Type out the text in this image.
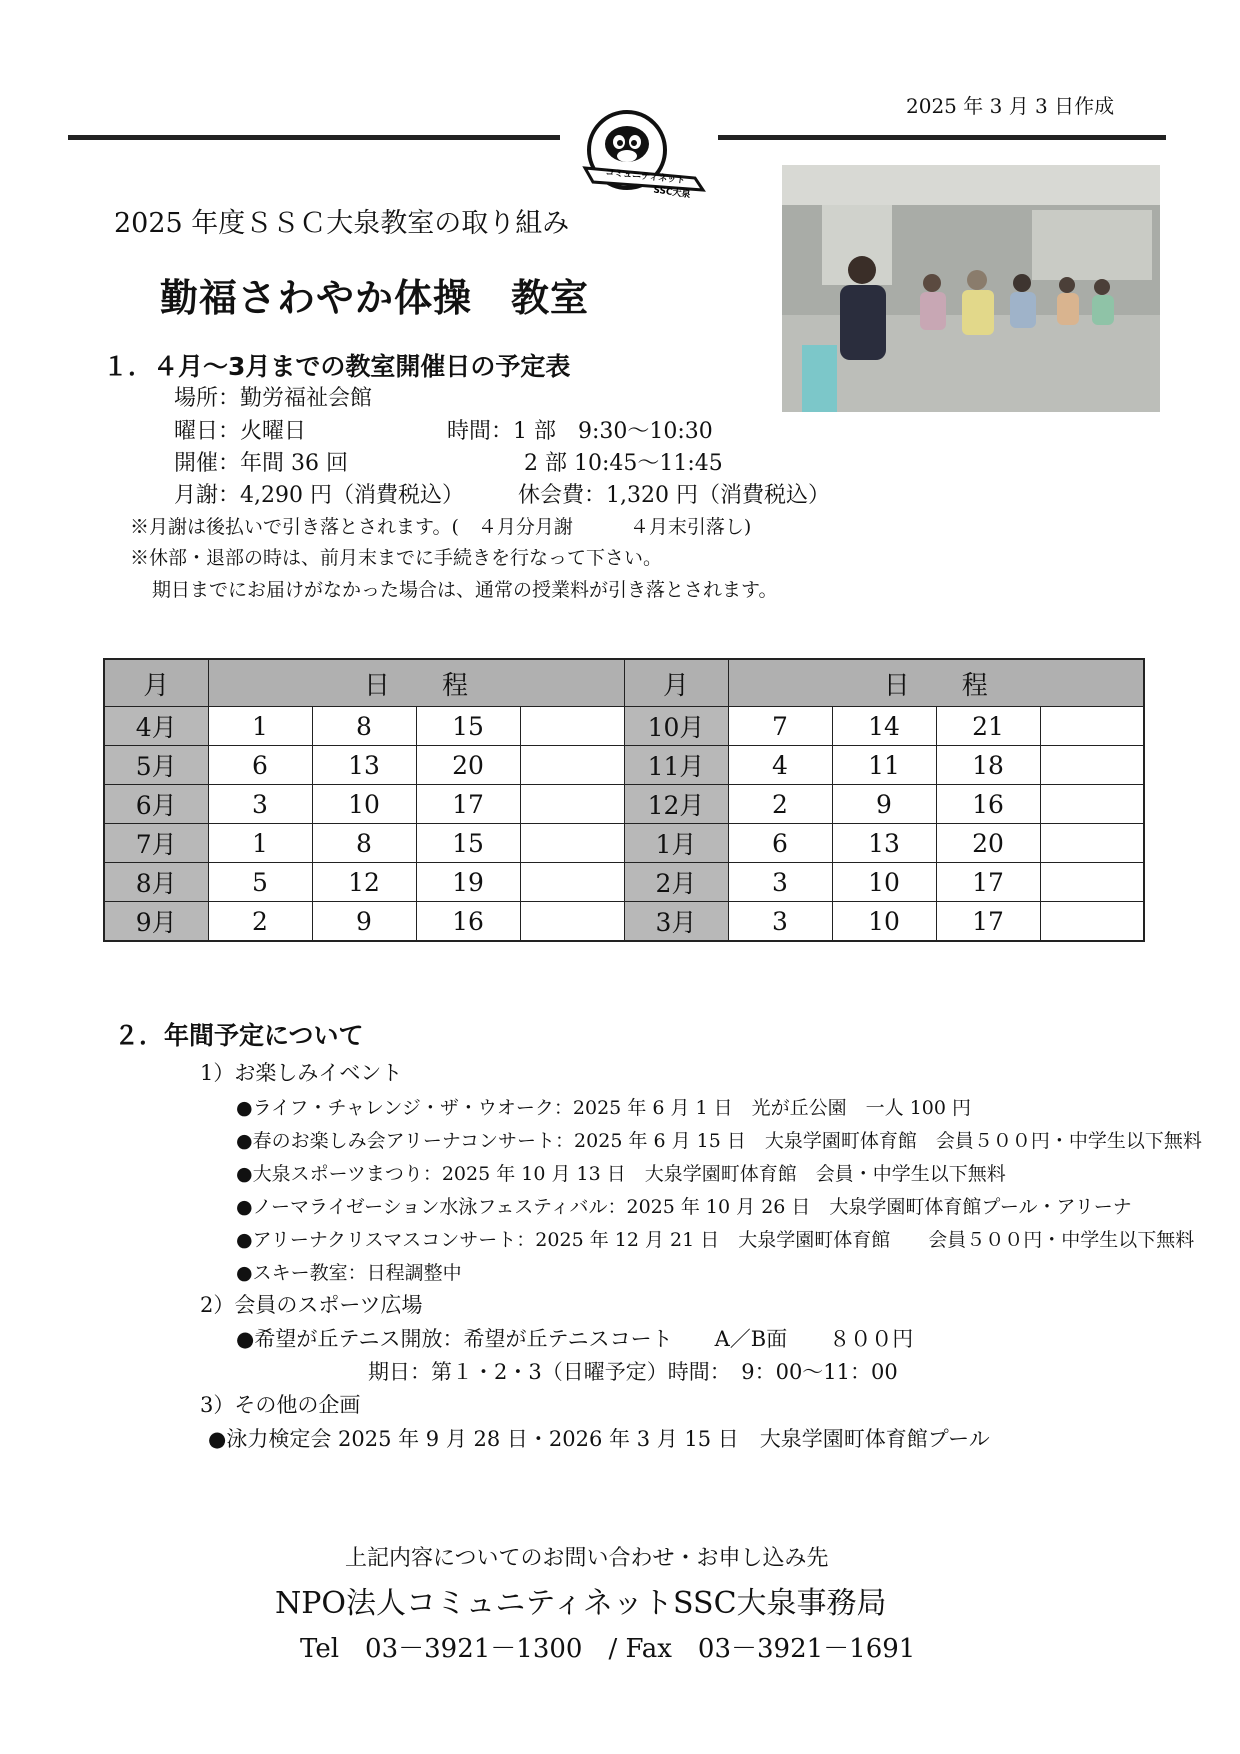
2025 年 3 月 3 日作成
コミュニティネット
SSC大泉
2025 年度ＳＳＣ大泉教室の取り組み
勤福さわやか体操　教室
１．４月～3月までの教室開催日の予定表
場所：勤労福祉会館
曜日：火曜日	時間：1 部　9:30～10:30
開催：年間 36 回	2 部 10:45～11:45
月謝：4,290 円（消費税込） 休会費：1,320 円（消費税込）
※月謝は後払いで引き落とされます。(　４月分月謝　　　４月末引落し)
※休部・退部の時は、前月末までに手続きを行なって下さい。
期日までにお届けがなかった場合は、通常の授業料が引き落とされます。
月	日　　程				月	日　　程			
4月	1	8	15		10月	7	14	21	
5月	6	13	20		11月	4	11	18	
6月	3	10	17		12月	2	9	16	
7月	1	8	15		1月	6	13	20	
8月	5	12	19		2月	3	10	17	
9月	2	9	16		3月	3	10	17	
２．年間予定について
1）お楽しみイベント
●ライフ・チャレンジ・ザ・ウオーク：2025 年 6 月 1 日　光が丘公園　一人 100 円
●春のお楽しみ会アリーナコンサート：2025 年 6 月 15 日　大泉学園町体育館　会員５００円・中学生以下無料
●大泉スポーツまつり：2025 年 10 月 13 日　大泉学園町体育館　会員・中学生以下無料
●ノーマライゼーション水泳フェスティバル：2025 年 10 月 26 日　大泉学園町体育館プール・アリーナ
●アリーナクリスマスコンサート：2025 年 12 月 21 日　大泉学園町体育館　　会員５００円・中学生以下無料
●スキー教室：日程調整中
2）会員のスポーツ広場
●希望が丘テニス開放：希望が丘テニスコート　　A／B面　　８００円
期日：第１・2・3（日曜予定）時間：　9：00～11：00
3）その他の企画
●泳力検定会 2025 年 9 月 28 日・2026 年 3 月 15 日　大泉学園町体育館プール
上記内容についてのお問い合わせ・お申し込み先
NPO法人コミュニティネットSSC大泉事務局
Tel　03－3921－1300　/ Fax　03－3921－1691
